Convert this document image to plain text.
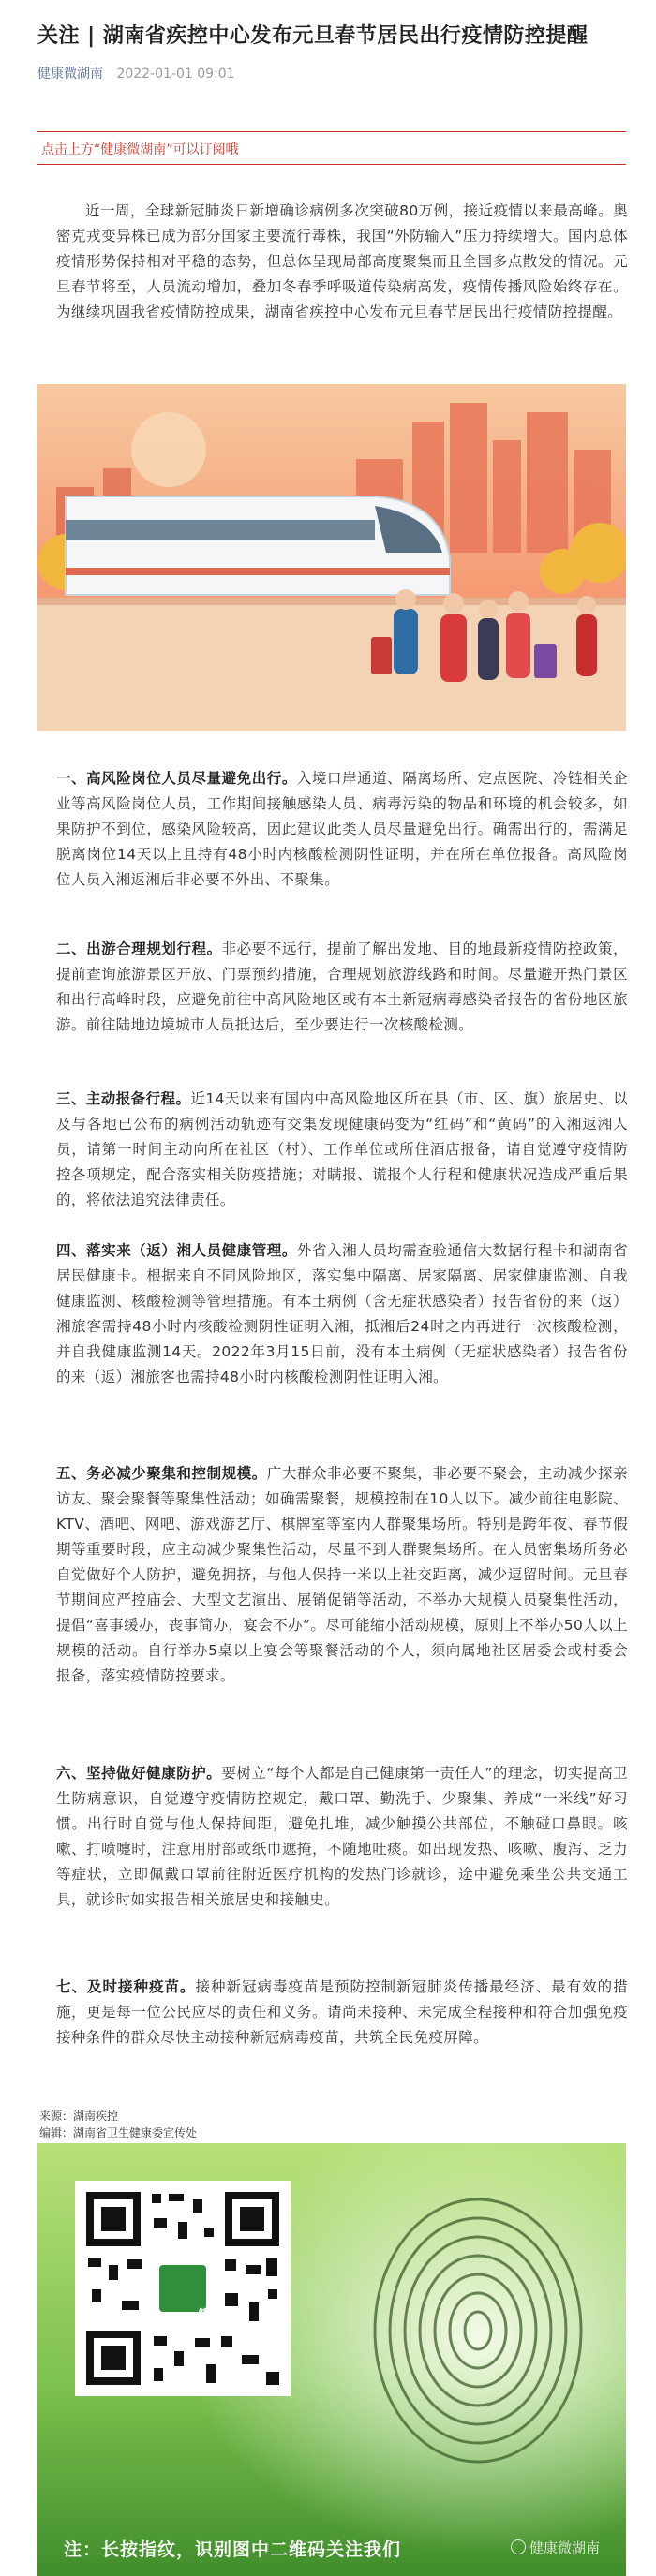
关注 | 湖南省疾控中心发布元旦春节居民出行疫情防控提醒
健康微湖南 2022-01-01 09:01
点击上方“健康微湖南”可以订阅哦

近一周，全球新冠肺炎日新增确诊病例多次突破80万例，接近疫情以来最高峰。奥密克戎变异株已成为部分国家主要流行毒株，我国“外防输入”压力持续增大。国内总体疫情形势保持相对平稳的态势，但总体呈现局部高度聚集而且全国多点散发的情况。元旦春节将至，人员流动增加，叠加冬春季呼吸道传染病高发，疫情传播风险始终存在。为继续巩固我省疫情防控成果，湖南省疾控中心发布元旦春节居民出行疫情防控提醒。

一、高风险岗位人员尽量避免出行。入境口岸通道、隔离场所、定点医院、冷链相关企业等高风险岗位人员，工作期间接触感染人员、病毒污染的物品和环境的机会较多，如果防护不到位，感染风险较高，因此建议此类人员尽量避免出行。确需出行的，需满足脱离岗位14天以上且持有48小时内核酸检测阴性证明，并在所在单位报备。高风险岗位人员入湘返湘后非必要不外出、不聚集。

二、出游合理规划行程。非必要不远行，提前了解出发地、目的地最新疫情防控政策，提前查询旅游景区开放、门票预约措施，合理规划旅游线路和时间。尽量避开热门景区和出行高峰时段，应避免前往中高风险地区或有本土新冠病毒感染者报告的省份地区旅游。前往陆地边境城市人员抵达后，至少要进行一次核酸检测。

三、主动报备行程。近14天以来有国内中高风险地区所在县（市、区、旗）旅居史、以及与各地已公布的病例活动轨迹有交集发现健康码变为“红码”和“黄码”的入湘返湘人员，请第一时间主动向所在社区（村）、工作单位或所住酒店报备，请自觉遵守疫情防控各项规定，配合落实相关防疫措施；对瞒报、谎报个人行程和健康状况造成严重后果的，将依法追究法律责任。

四、落实来（返）湘人员健康管理。外省入湘人员均需查验通信大数据行程卡和湖南省居民健康卡。根据来自不同风险地区，落实集中隔离、居家隔离、居家健康监测、自我健康监测、核酸检测等管理措施。有本土病例（含无症状感染者）报告省份的来（返）湘旅客需持48小时内核酸检测阴性证明入湘，抵湘后24时之内再进行一次核酸检测，并自我健康监测14天。2022年3月15日前，没有本土病例（无症状感染者）报告省份的来（返）湘旅客也需持48小时内核酸检测阴性证明入湘。

五、务必减少聚集和控制规模。广大群众非必要不聚集，非必要不聚会，主动减少探亲访友、聚会聚餐等聚集性活动；如确需聚餐，规模控制在10人以下。减少前往电影院、KTV、酒吧、网吧、游戏游艺厅、棋牌室等室内人群聚集场所。特别是跨年夜、春节假期等重要时段，应主动减少聚集性活动，尽量不到人群聚集场所。在人员密集场所务必自觉做好个人防护，避免拥挤，与他人保持一米以上社交距离，减少逗留时间。元旦春节期间应严控庙会、大型文艺演出、展销促销等活动，不举办大规模人员聚集性活动，提倡“喜事缓办，丧事简办，宴会不办”。尽可能缩小活动规模，原则上不举办50人以上规模的活动。自行举办5桌以上宴会等聚餐活动的个人，须向属地社区居委会或村委会报备，落实疫情防控要求。

六、坚持做好健康防护。要树立“每个人都是自己健康第一责任人”的理念，切实提高卫生防病意识，自觉遵守疫情防控规定，戴口罩、勤洗手、少聚集、养成“一米线”好习惯。出行时自觉与他人保持间距，避免扎堆，减少触摸公共部位，不触碰口鼻眼。咳嗽、打喷嚏时，注意用肘部或纸巾遮掩，不随地吐痰。如出现发热、咳嗽、腹泻、乏力等症状，立即佩戴口罩前往附近医疗机构的发热门诊就诊，途中避免乘坐公共交通工具，就诊时如实报告相关旅居史和接触史。

七、及时接种疫苗。接种新冠病毒疫苗是预防控制新冠肺炎传播最经济、最有效的措施，更是每一位公民应尽的责任和义务。请尚未接种、未完成全程接种和符合加强免疫接种条件的群众尽快主动接种新冠病毒疫苗，共筑全民免疫屏障。

来源：湖南疾控
编辑：湖南省卫生健康委宣传处
健康湖南
注：长按指纹，识别图中二维码关注我们	健康微湖南
